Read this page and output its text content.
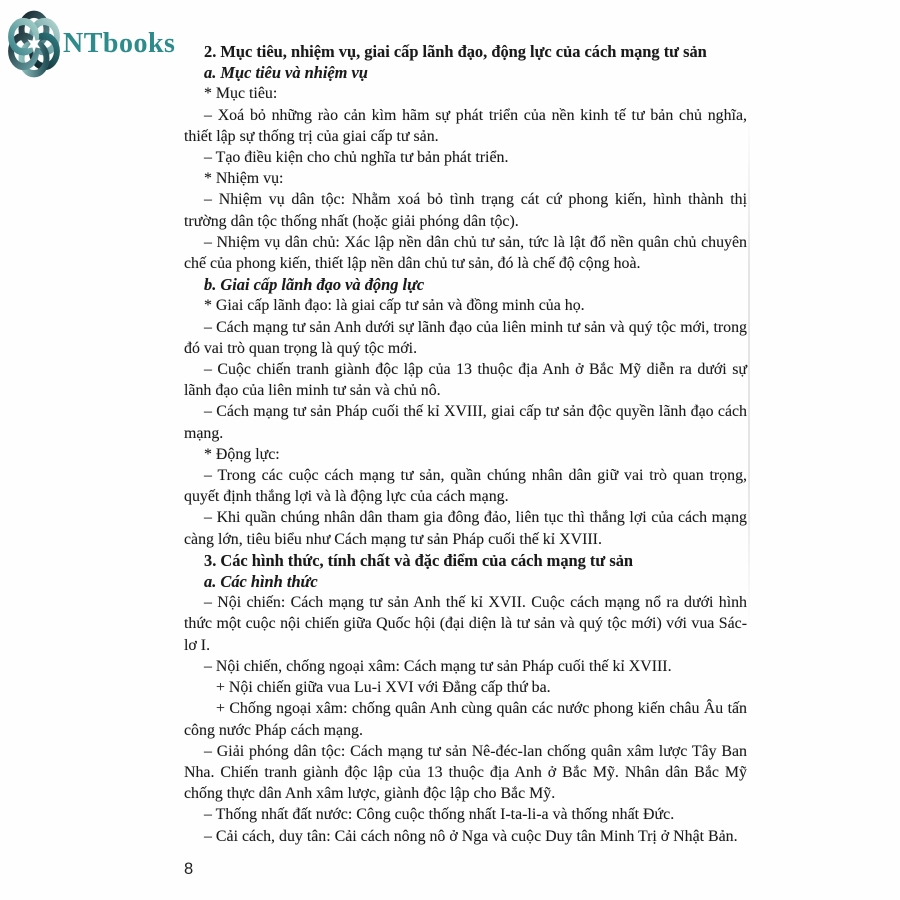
NTbooks	2. Mục tiêu, nhiệm vụ, giai cấp lãnh đạo, động lực của cách mạng tư sản

a. Mục tiêu và nhiệm vụ

* Mục tiêu:

– Xoá bỏ những rào cản kìm hãm sự phát triển của nền kinh tế tư bản chủ nghĩa, thiết lập sự thống trị của giai cấp tư sản.

– Tạo điều kiện cho chủ nghĩa tư bản phát triển.

* Nhiệm vụ:

– Nhiệm vụ dân tộc: Nhằm xoá bỏ tình trạng cát cứ phong kiến, hình thành thị trường dân tộc thống nhất (hoặc giải phóng dân tộc).

– Nhiệm vụ dân chủ: Xác lập nền dân chủ tư sản, tức là lật đổ nền quân chủ chuyên chế của phong kiến, thiết lập nền dân chủ tư sản, đó là chế độ cộng hoà.

b. Giai cấp lãnh đạo và động lực

* Giai cấp lãnh đạo: là giai cấp tư sản và đồng minh của họ.

– Cách mạng tư sản Anh dưới sự lãnh đạo của liên minh tư sản và quý tộc mới, trong đó vai trò quan trọng là quý tộc mới.

– Cuộc chiến tranh giành độc lập của 13 thuộc địa Anh ở Bắc Mỹ diễn ra dưới sự lãnh đạo của liên minh tư sản và chủ nô.

– Cách mạng tư sản Pháp cuối thế kỉ XVIII, giai cấp tư sản độc quyền lãnh đạo cách mạng.

* Động lực:

– Trong các cuộc cách mạng tư sản, quần chúng nhân dân giữ vai trò quan trọng, quyết định thắng lợi và là động lực của cách mạng.

– Khi quần chúng nhân dân tham gia đông đảo, liên tục thì thắng lợi của cách mạng càng lớn, tiêu biểu như Cách mạng tư sản Pháp cuối thế kỉ XVIII.

3. Các hình thức, tính chất và đặc điểm của cách mạng tư sản

a. Các hình thức

– Nội chiến: Cách mạng tư sản Anh thế kỉ XVII. Cuộc cách mạng nổ ra dưới hình thức một cuộc nội chiến giữa Quốc hội (đại diện là tư sản và quý tộc mới) với vua Sác-lơ I.

– Nội chiến, chống ngoại xâm: Cách mạng tư sản Pháp cuối thế kỉ XVIII.

+ Nội chiến giữa vua Lu-i XVI với Đẳng cấp thứ ba.

+ Chống ngoại xâm: chống quân Anh cùng quân các nước phong kiến châu Âu tấn công nước Pháp cách mạng.

– Giải phóng dân tộc: Cách mạng tư sản Nê-đéc-lan chống quân xâm lược Tây Ban Nha. Chiến tranh giành độc lập của 13 thuộc địa Anh ở Bắc Mỹ. Nhân dân Bắc Mỹ chống thực dân Anh xâm lược, giành độc lập cho Bắc Mỹ.

– Thống nhất đất nước: Công cuộc thống nhất I-ta-li-a và thống nhất Đức.

– Cải cách, duy tân: Cải cách nông nô ở Nga và cuộc Duy tân Minh Trị ở Nhật Bản.

8
